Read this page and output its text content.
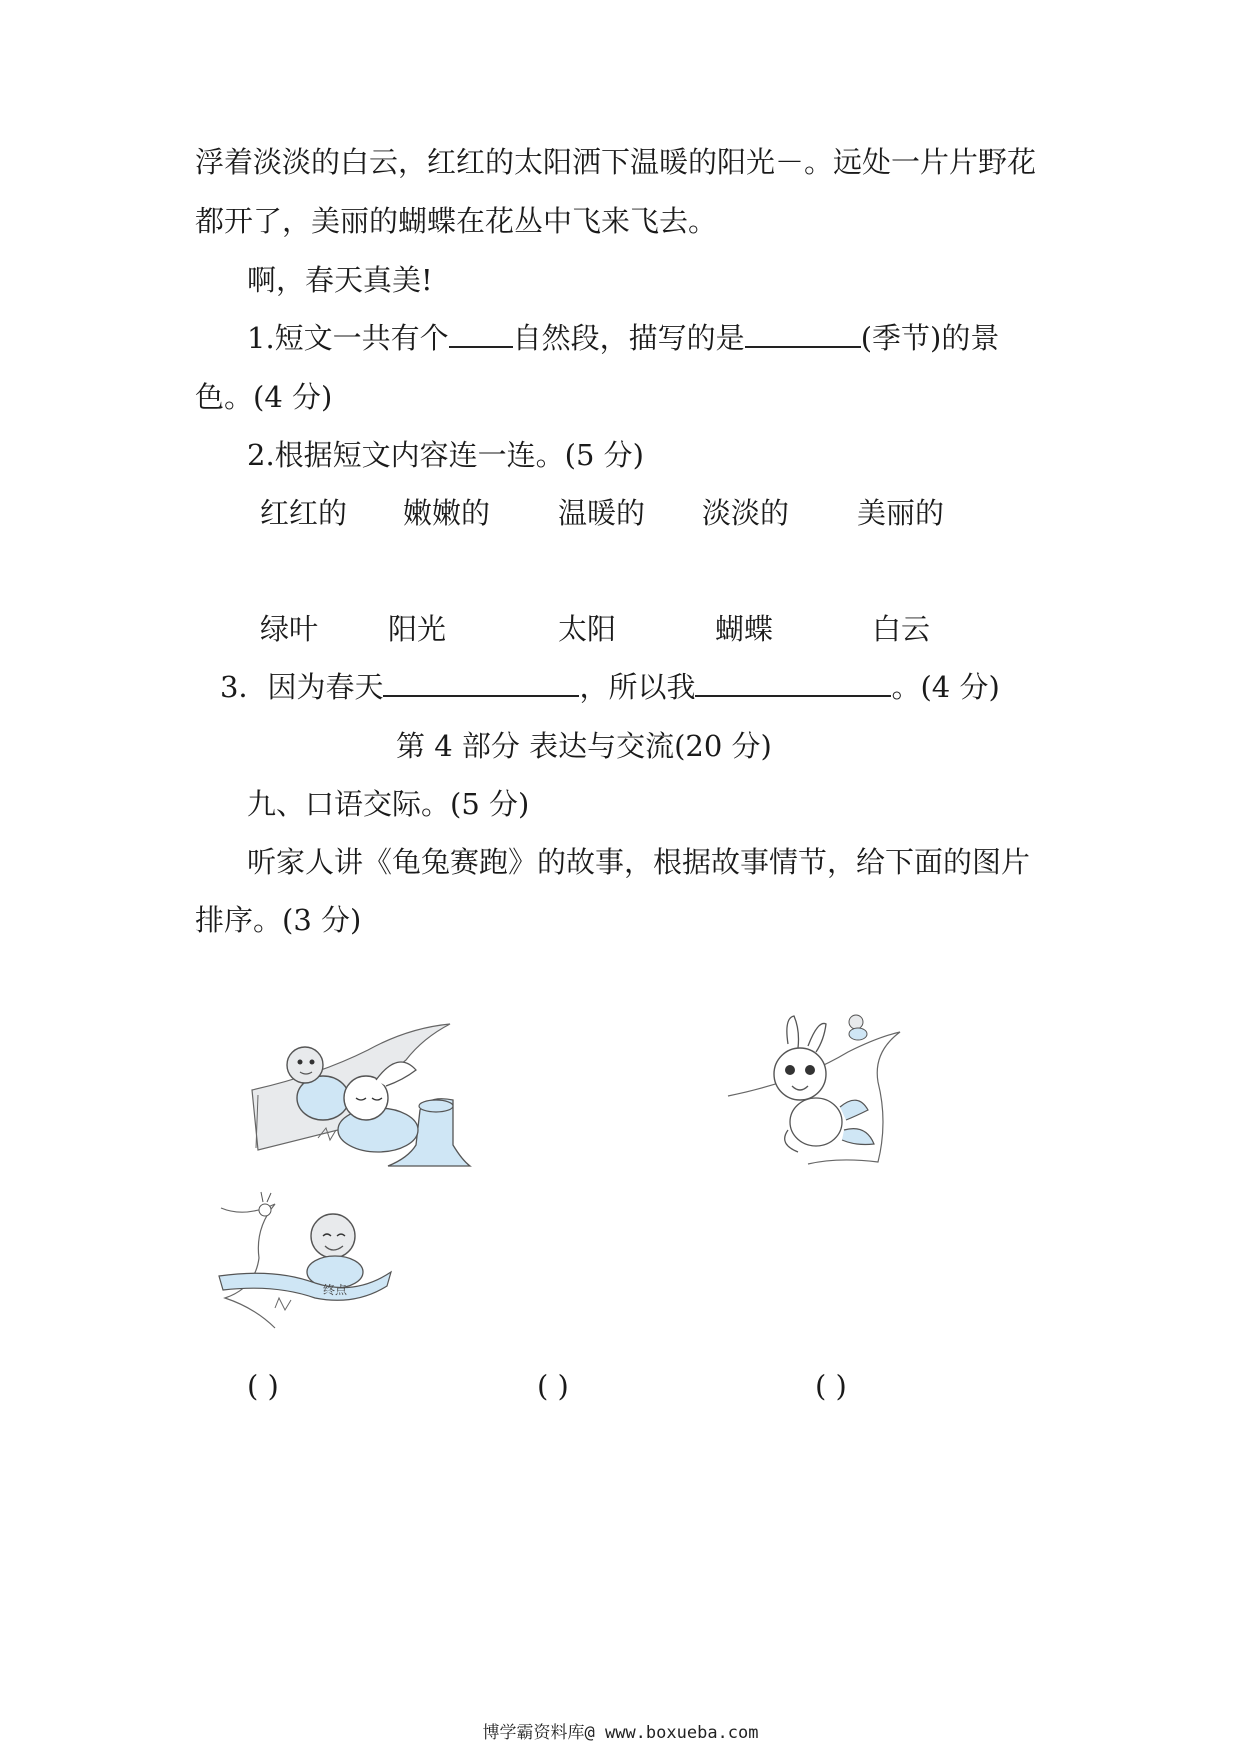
浮着淡淡的白云，红红的太阳洒下温暖的阳光－。远处一片片野花
都开了，美丽的蝴蝶在花丛中飞来飞去。
啊，春天真美!
1.短文一共有个 自然段，描写的是	(季节)的景
色。(4 分)
2.根据短文内容连一连。(5 分)
红红的 嫩嫩的 温暖的 淡淡的 美丽的
绿叶 阳光	太阳	蝴蝶	白云
3．因为春天	，所以我	。(4 分)
第 4 部分 表达与交流(20 分)
九、口语交际。(5 分)
听家人讲《龟兔赛跑》的故事，根据故事情节，给下面的图片
排序。(3 分)
终点
( )	( )	( )
博学霸资料库@ www.boxueba.com
